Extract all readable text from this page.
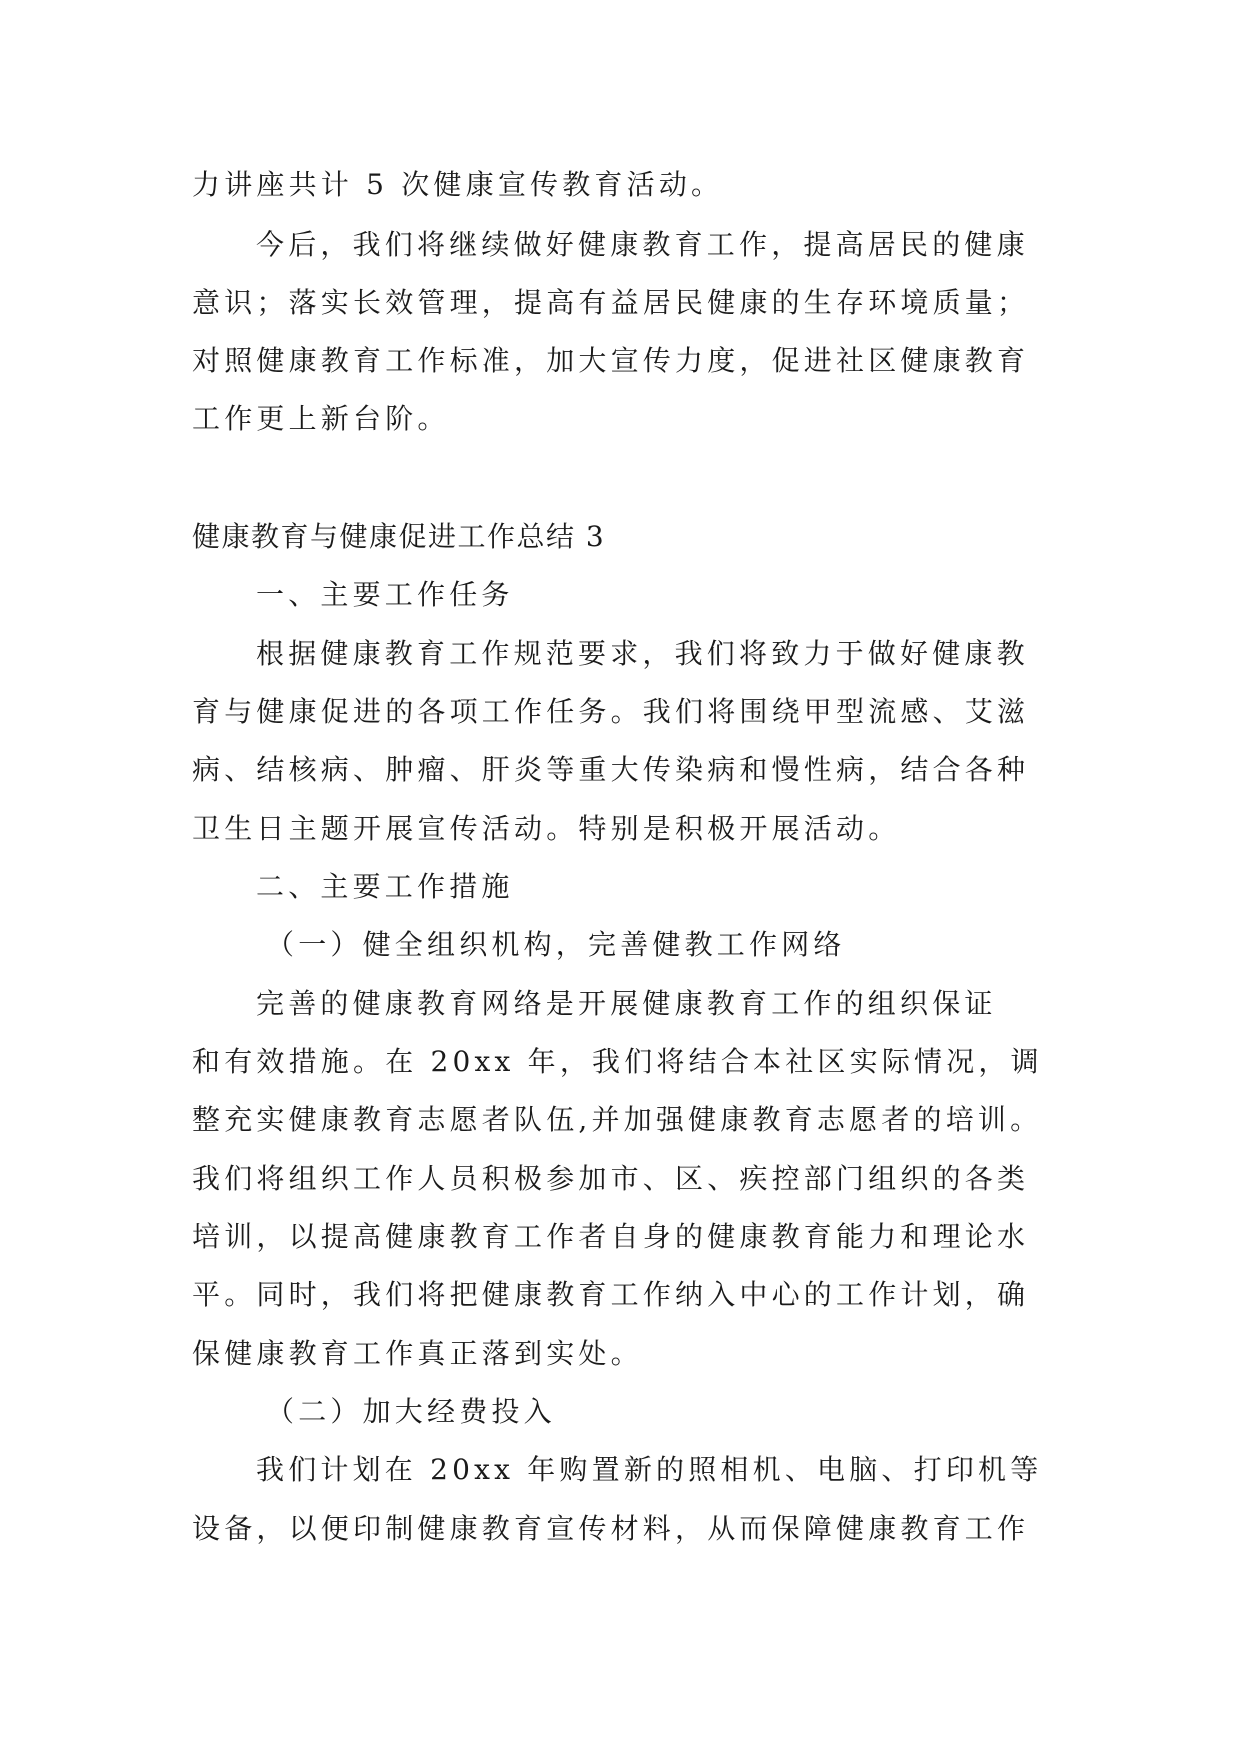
力讲座共计 5 次健康宣传教育活动。
今后，我们将继续做好健康教育工作，提高居民的健康
意识；落实长效管理，提高有益居民健康的生存环境质量；
对照健康教育工作标准，加大宣传力度，促进社区健康教育
工作更上新台阶。
健康教育与健康促进工作总结 3
一、主要工作任务
根据健康教育工作规范要求，我们将致力于做好健康教
育与健康促进的各项工作任务。我们将围绕甲型流感、艾滋
病、结核病、肿瘤、肝炎等重大传染病和慢性病，结合各种
卫生日主题开展宣传活动。特别是积极开展活动。
二、主要工作措施
（一）健全组织机构，完善健教工作网络
完善的健康教育网络是开展健康教育工作的组织保证
和有效措施。在 20xx 年，我们将结合本社区实际情况，调
整充实健康教育志愿者队伍,并加强健康教育志愿者的培训。
我们将组织工作人员积极参加市、区、疾控部门组织的各类
培训，以提高健康教育工作者自身的健康教育能力和理论水
平。同时，我们将把健康教育工作纳入中心的工作计划，确
保健康教育工作真正落到实处。
（二）加大经费投入
我们计划在 20xx 年购置新的照相机、电脑、打印机等
设备，以便印制健康教育宣传材料，从而保障健康教育工作
